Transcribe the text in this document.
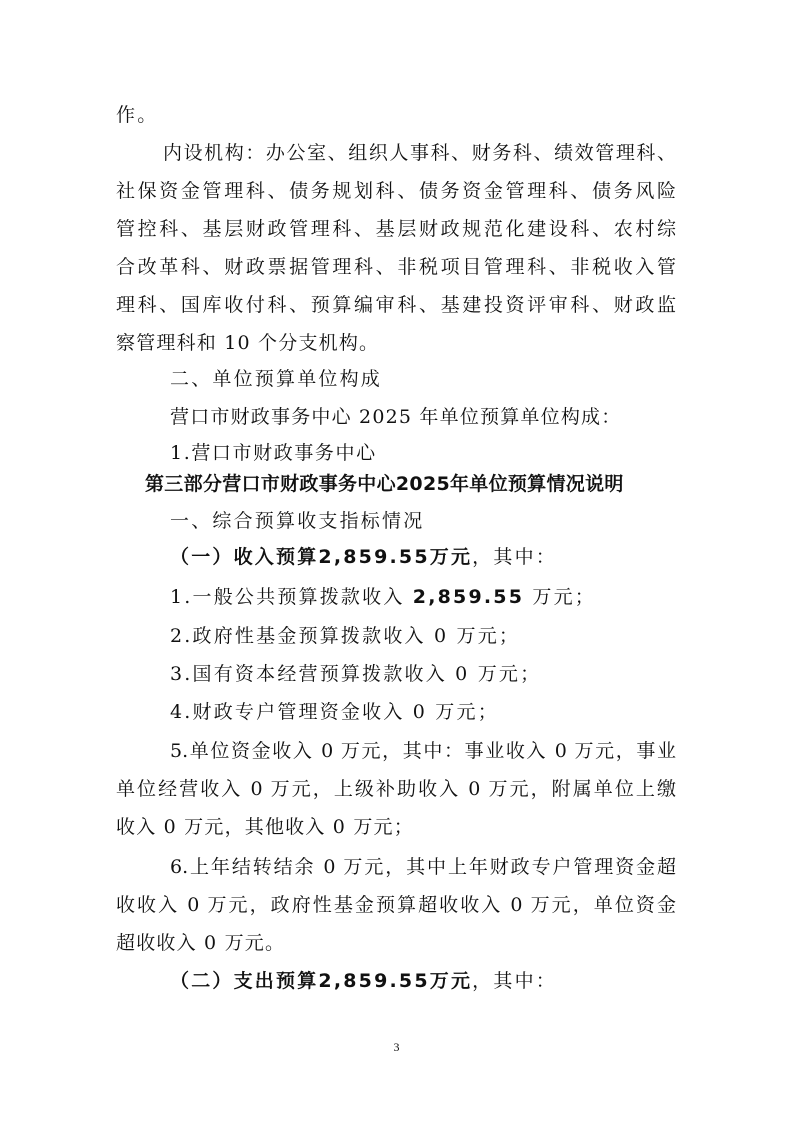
作。
内设机构：办公室、组织人事科、财务科、绩效管理科、
社保资金管理科、债务规划科、债务资金管理科、债务风险
管控科、基层财政管理科、基层财政规范化建设科、农村综
合改革科、财政票据管理科、非税项目管理科、非税收入管
理科、国库收付科、预算编审科、基建投资评审科、财政监
察管理科和 10 个分支机构。
二、单位预算单位构成
营口市财政事务中心 2025 年单位预算单位构成：
1.营口市财政事务中心
第三部分营口市财政事务中心2025年单位预算情况说明
一、综合预算收支指标情况
（一）收入预算2,859.55万元，其中：
1.一般公共预算拨款收入 2,859.55 万元；
2.政府性基金预算拨款收入 0 万元；
3.国有资本经营预算拨款收入 0 万元；
4.财政专户管理资金收入 0 万元；
5.单位资金收入 0 万元，其中：事业收入 0 万元，事业
单位经营收入 0 万元，上级补助收入 0 万元，附属单位上缴
收入 0 万元，其他收入 0 万元；
6.上年结转结余 0 万元，其中上年财政专户管理资金超
收收入 0 万元，政府性基金预算超收收入 0 万元，单位资金
超收收入 0 万元。
（二）支出预算2,859.55万元，其中：
3
